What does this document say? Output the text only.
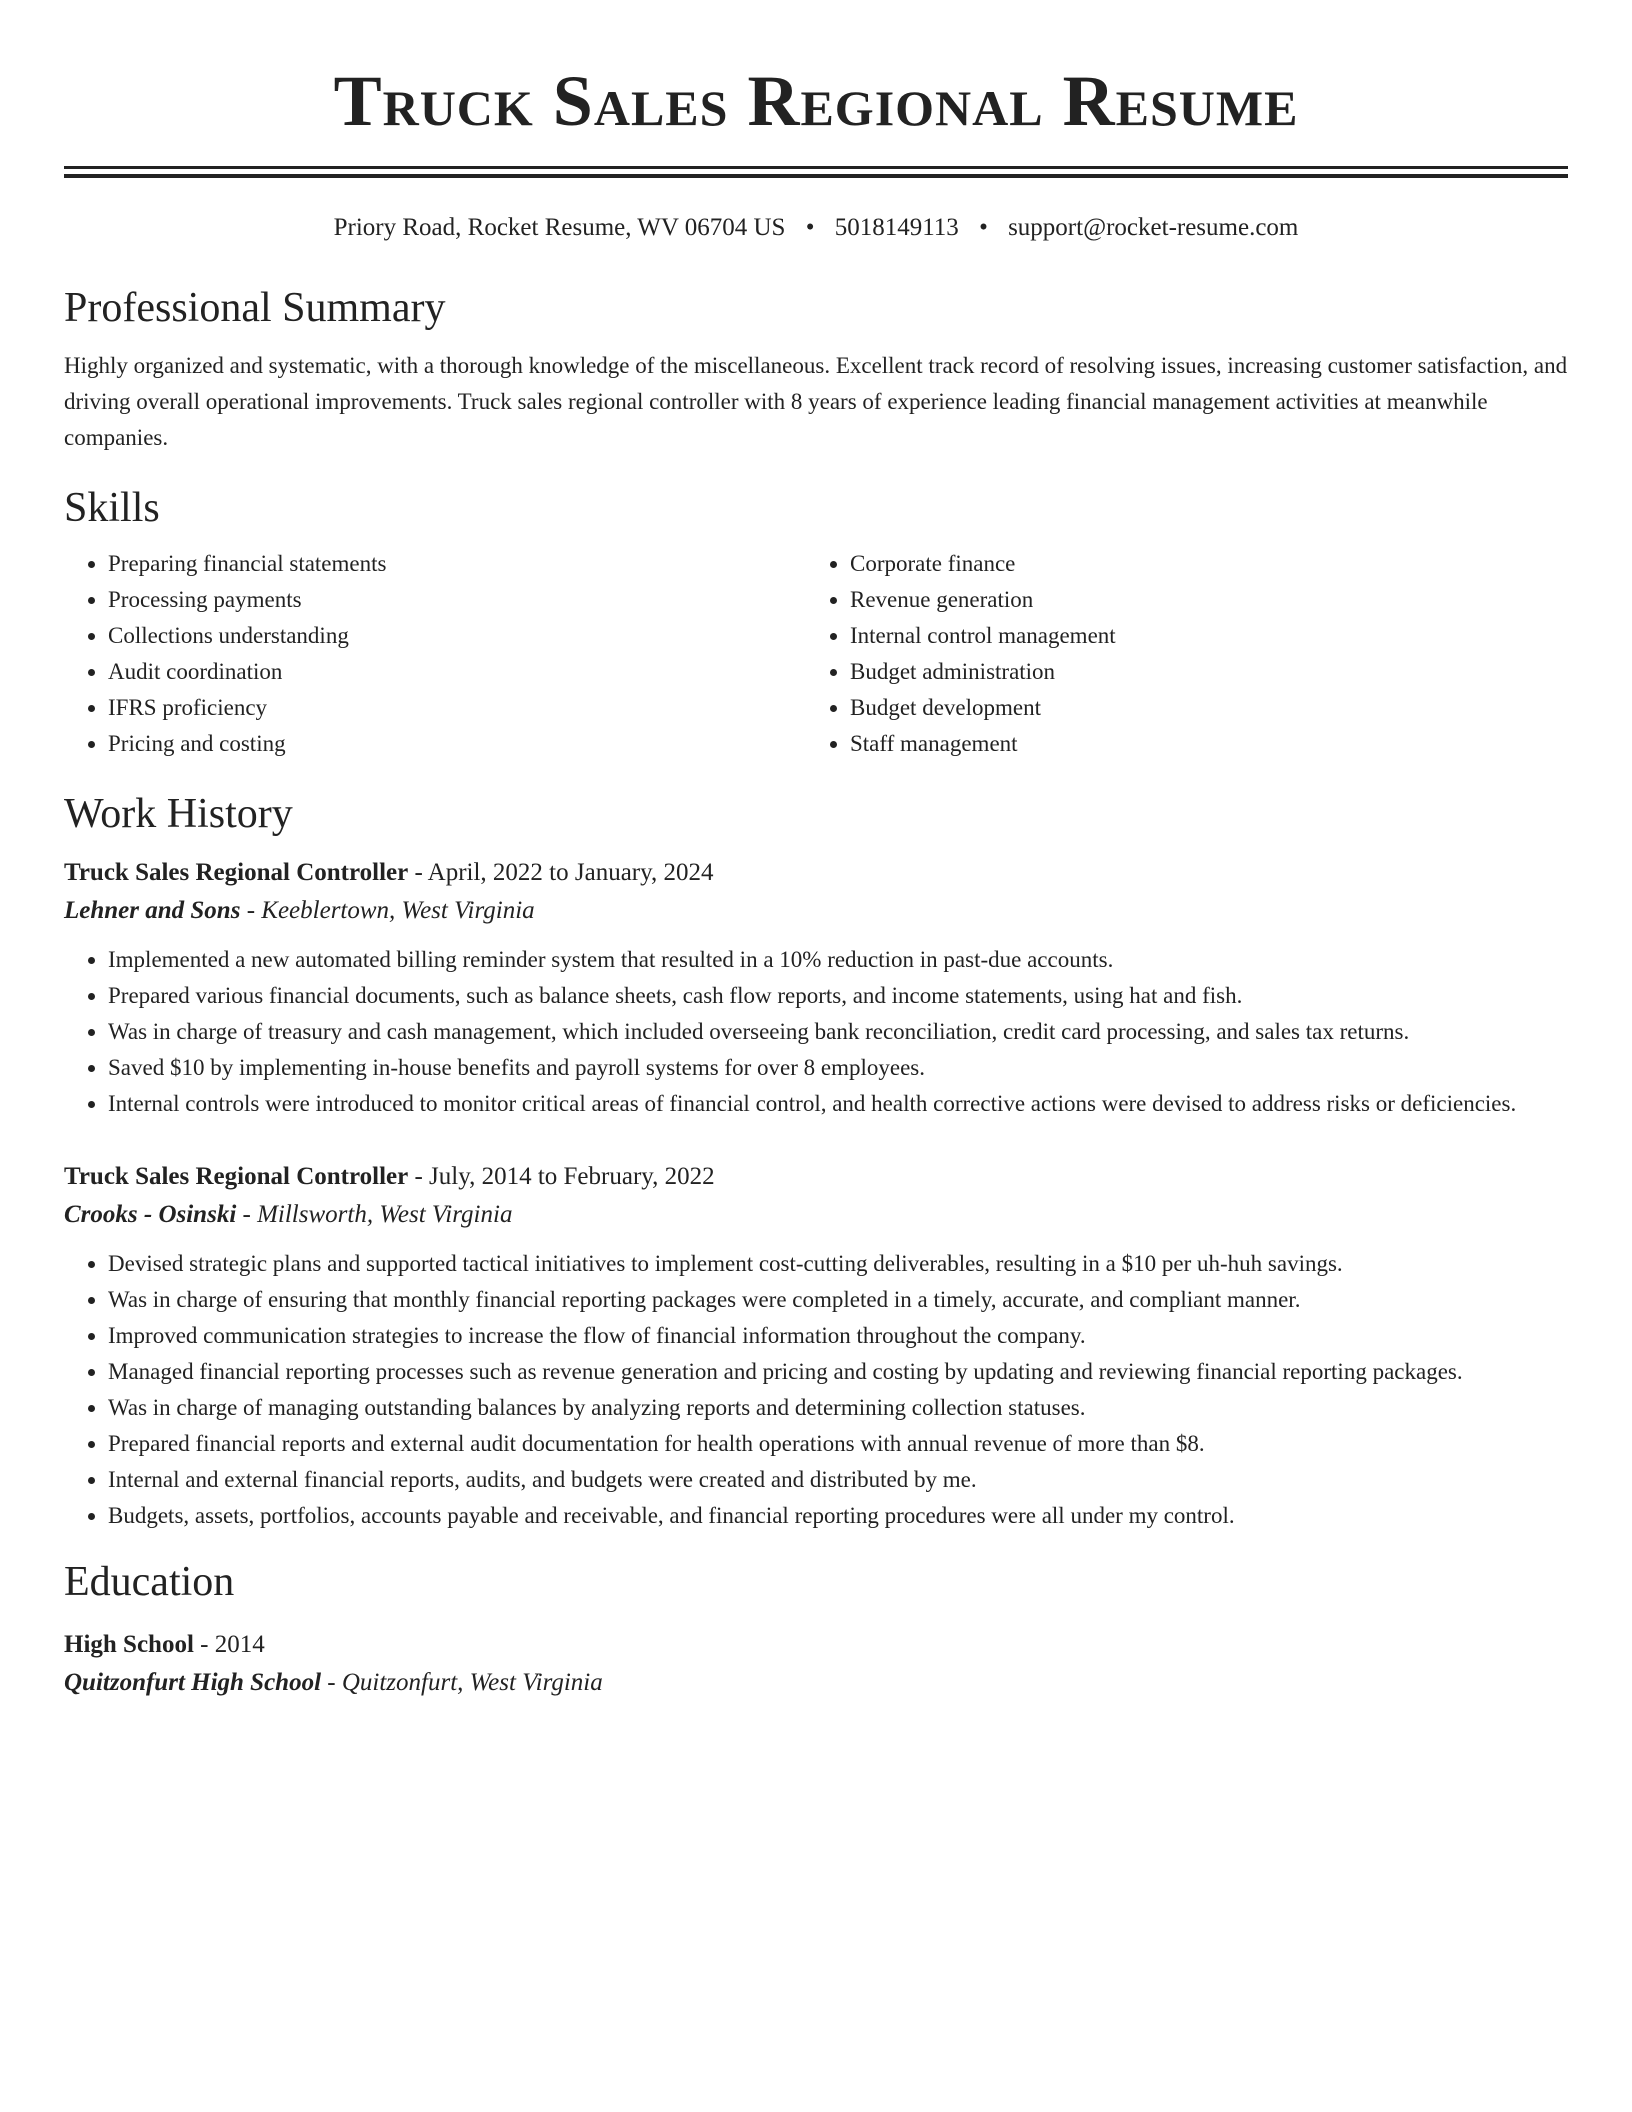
Truck Sales Regional Resume
Priory Road, Rocket Resume, WV 06704 US • 5018149113 • support@rocket-resume.com
Professional Summary

Highly organized and systematic, with a thorough knowledge of the miscellaneous. Excellent track record of resolving issues, increasing customer satisfaction, and driving overall operational improvements. Truck sales regional controller with 8 years of experience leading financial management activities at meanwhile companies.

Skills
• Preparing financial statements
• Processing payments
• Collections understanding
• Audit coordination
• IFRS proficiency
• Pricing and costing
• Corporate finance
• Revenue generation
• Internal control management
• Budget administration
• Budget development
• Staff management
Work History
Truck Sales Regional Controller - April, 2022 to January, 2024
Lehner and Sons - Keeblertown, West Virginia
• Implemented a new automated billing reminder system that resulted in a 10% reduction in past-due accounts.
• Prepared various financial documents, such as balance sheets, cash flow reports, and income statements, using hat and fish.
• Was in charge of treasury and cash management, which included overseeing bank reconciliation, credit card processing, and sales tax returns.
• Saved $10 by implementing in-house benefits and payroll systems for over 8 employees.
• Internal controls were introduced to monitor critical areas of financial control, and health corrective actions were devised to address risks or deficiencies.
Truck Sales Regional Controller - July, 2014 to February, 2022
Crooks - Osinski - Millsworth, West Virginia
• Devised strategic plans and supported tactical initiatives to implement cost-cutting deliverables, resulting in a $10 per uh-huh savings.
• Was in charge of ensuring that monthly financial reporting packages were completed in a timely, accurate, and compliant manner.
• Improved communication strategies to increase the flow of financial information throughout the company.
• Managed financial reporting processes such as revenue generation and pricing and costing by updating and reviewing financial reporting packages.
• Was in charge of managing outstanding balances by analyzing reports and determining collection statuses.
• Prepared financial reports and external audit documentation for health operations with annual revenue of more than $8.
• Internal and external financial reports, audits, and budgets were created and distributed by me.
• Budgets, assets, portfolios, accounts payable and receivable, and financial reporting procedures were all under my control.
Education
High School - 2014
Quitzonfurt High School - Quitzonfurt, West Virginia
